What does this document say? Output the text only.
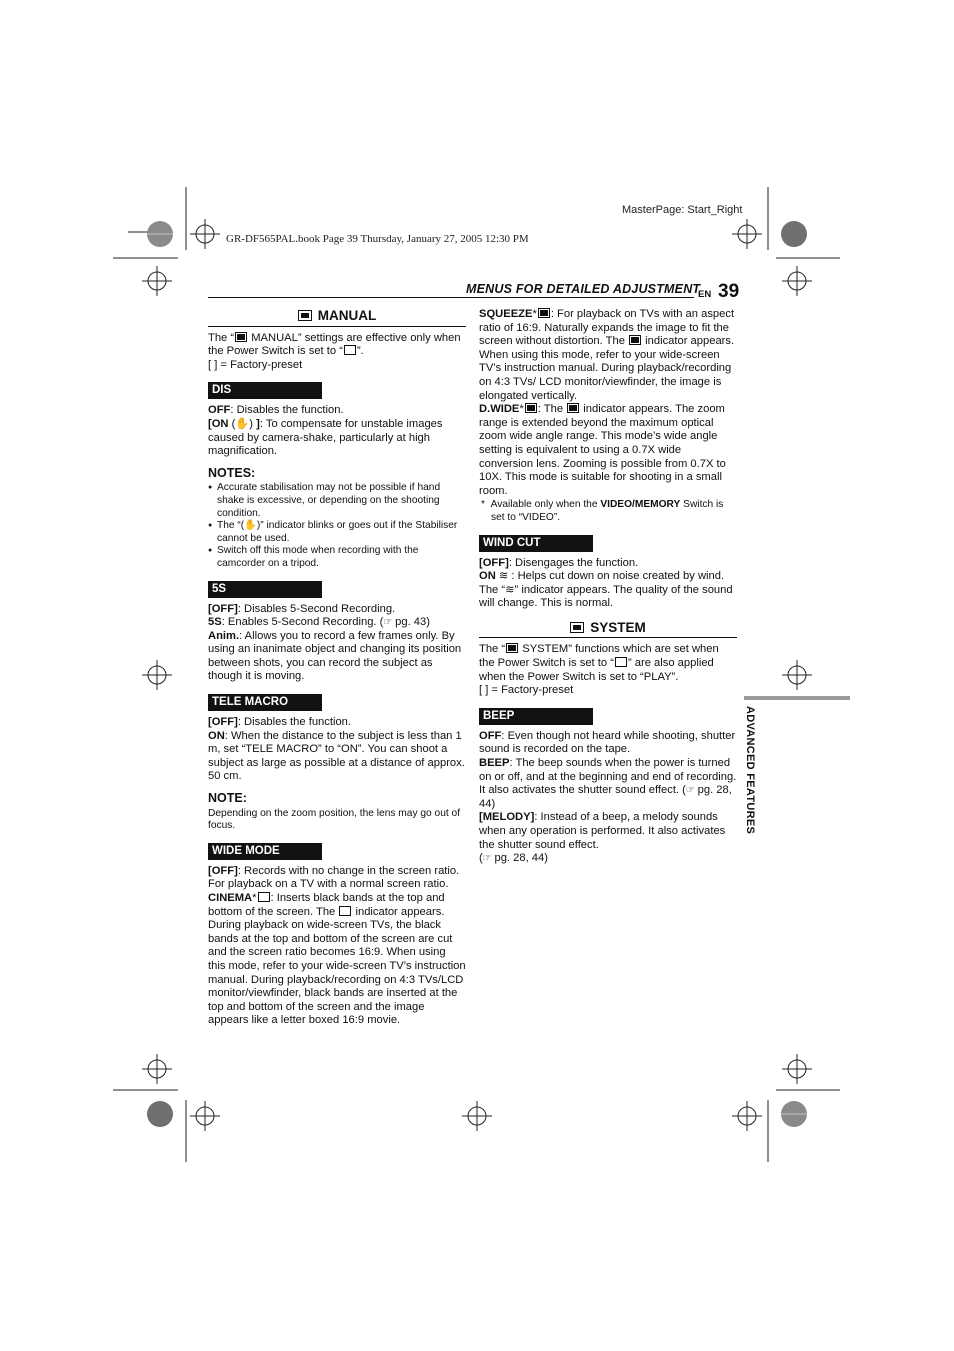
MasterPage: Start_Right
GR-DF565PAL.book Page 39 Thursday, January 27, 2005 12:30 PM
MENUS FOR DETAILED ADJUSTMENT
EN 39
ADVANCED FEATURES
MANUAL

The “ MANUAL” settings are effective only when the Power Switch is set to “ ”.

[ ] = Factory-preset

DIS

OFF: Disables the function.

[ON (✋) ]: To compensate for unstable images caused by camera-shake, particularly at high magnification.

NOTES:
● Accurate stabilisation may not be possible if hand shake is excessive, or depending on the shooting condition.
● The “(✋)” indicator blinks or goes out if the Stabiliser cannot be used.
● Switch off this mode when recording with the camcorder on a tripod.
5S

[OFF]: Disables 5-Second Recording.

5S: Enables 5-Second Recording. (☞ pg. 43)

Anim.: Allows you to record a few frames only. By using an inanimate object and changing its position between shots, you can record the subject as though it is moving.

TELE MACRO

[OFF]: Disables the function.

ON: When the distance to the subject is less than 1 m, set “TELE MACRO” to “ON”. You can shoot a subject as large as possible at a distance of approx. 50 cm.

NOTE:

Depending on the zoom position, the lens may go out of focus.

WIDE MODE

[OFF]: Records with no change in the screen ratio. For playback on a TV with a normal screen ratio.

CINEMA* : Inserts black bands at the top and bottom of the screen. The  indicator appears. During playback on wide-screen TVs, the black bands at the top and bottom of the screen are cut and the screen ratio becomes 16:9. When using this mode, refer to your wide-screen TV’s instruction manual. During playback/recording on 4:3 TVs/LCD monitor/viewfinder, black bands are inserted at the top and bottom of the screen and the image appears like a letter boxed 16:9 movie.

SQUEEZE* : For playback on TVs with an aspect ratio of 16:9. Naturally expands the image to fit the screen without distortion. The  indicator appears. When using this mode, refer to your wide-screen TV’s instruction manual. During playback/recording on 4:3 TVs/ LCD monitor/viewfinder, the image is elongated vertically.

D.WIDE* : The  indicator appears. The zoom range is extended beyond the maximum optical zoom wide angle range. This mode’s wide angle setting is equivalent to using a 0.7X wide conversion lens. Zooming is possible from 0.7X to 10X. This mode is suitable for shooting in a small room.

*  Available only when the VIDEO/MEMORY Switch is set to “VIDEO”.

WIND CUT

[OFF]: Disengages the function.

ON ≋ : Helps cut down on noise created by wind. The “≋” indicator appears. The quality of the sound will change. This is normal.

SYSTEM

The “ SYSTEM” functions which are set when the Power Switch is set to “ ” are also applied when the Power Switch is set to “PLAY”.

[ ] = Factory-preset

BEEP

OFF: Even though not heard while shooting, shutter sound is recorded on the tape.

BEEP: The beep sounds when the power is turned on or off, and at the beginning and end of recording. It also activates the shutter sound effect. (☞ pg. 28, 44)

[MELODY]: Instead of a beep, a melody sounds when any operation is performed. It also activates the shutter sound effect.
(☞ pg. 28, 44)
